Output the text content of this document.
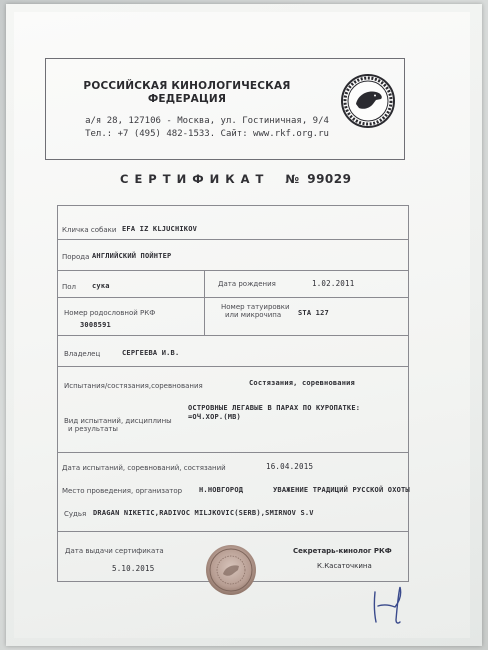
РОССИЙСКАЯ КИНОЛОГИЧЕСКАЯ
ФЕДЕРАЦИЯ
а/я 28, 127106 - Москва, ул. Гостиничная, 9/4
Тел.: +7 (495) 482-1533. Сайт: www.rkf.org.ru
СЕРТИФИКАТ № 99029
Кличка собаки EFA IZ KLJUCHIKOV
Порода АНГЛИЙСКИЙ ПОЙНТЕР
Пол сука	Дата рождения	1.02.2011
Номер родословной РКФ
3008591
Номер татуировки
или микрочипа STA 127
Владелец	СЕРГЕЕВА И.В.
Испытания/состязания,соревнования	Состязания, соревнования
Вид испытаний, дисциплины
и результаты
ОСТРОВНЫЕ ЛЕГАВЫЕ В ПАРАХ ПО КУРОПАТКЕ:
=ОЧ.ХОР.(МВ)
Дата испытаний, соревнований, состязаний	16.04.2015
Место проведения, организатор Н.НОВГОРОД	УВАЖЕНИЕ ТРАДИЦИЙ РУССКОЙ ОХОТЫ
Судья DRAGAN NIKETIC,RADIVOC MILJKOVIC(SERB),SMIRNOV S.V
Дата выдачи сертификата
5.10.2015
Секретарь-кинолог РКФ
К.Касаточкина
